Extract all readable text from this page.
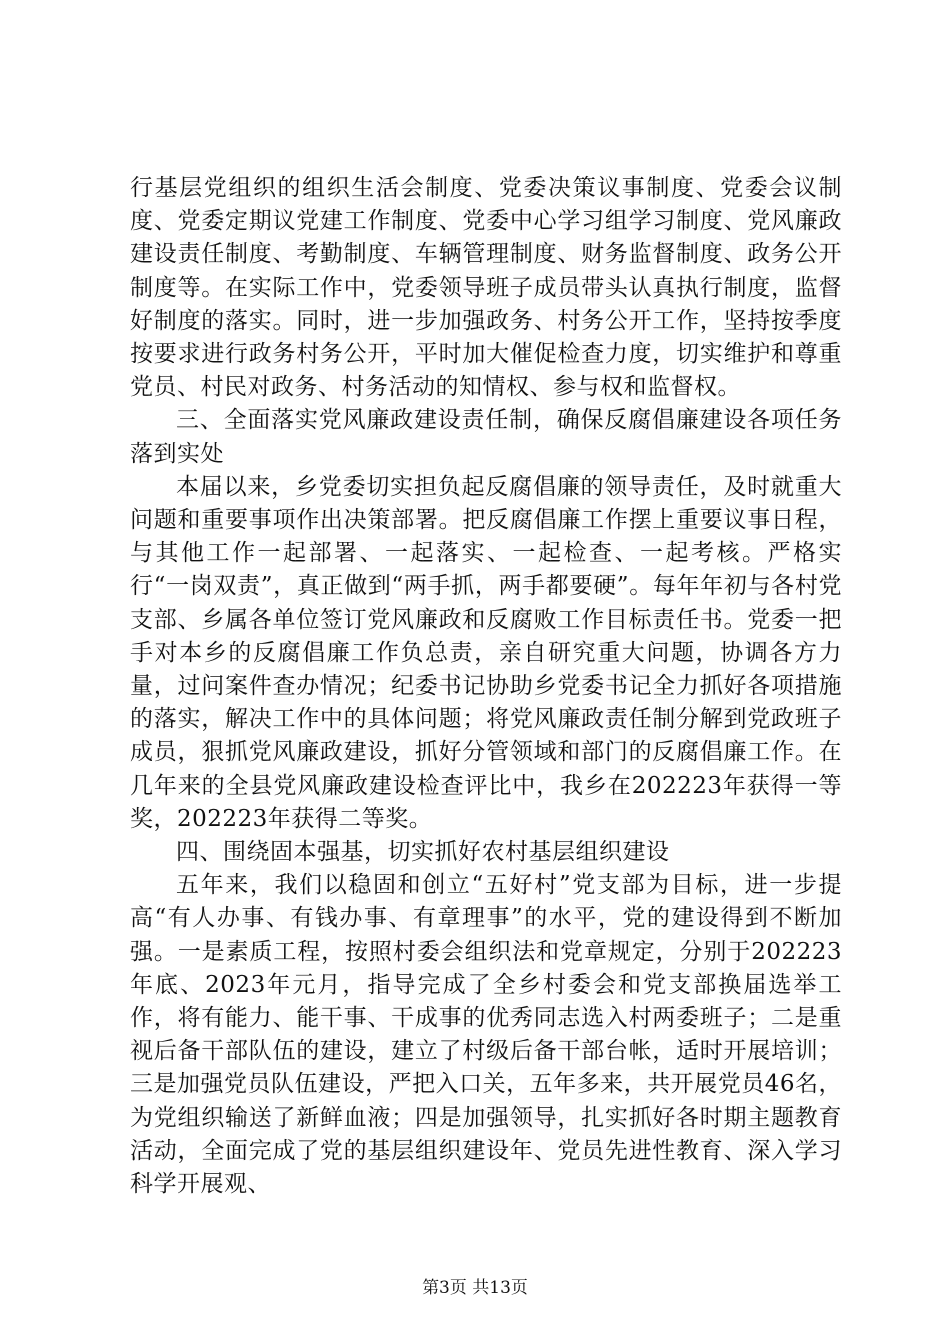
行基层党组织的组织生活会制度、党委决策议事制度、党委会议制度、党委定期议党建工作制度、党委中心学习组学习制度、党风廉政建设责任制度、考勤制度、车辆管理制度、财务监督制度、政务公开制度等。在实际工作中，党委领导班子成员带头认真执行制度，监督好制度的落实。同时，进一步加强政务、村务公开工作，坚持按季度按要求进行政务村务公开，平时加大催促检查力度，切实维护和尊重党员、村民对政务、村务活动的知情权、参与权和监督权。

三、全面落实党风廉政建设责任制，确保反腐倡廉建设各项任务落到实处

本届以来，乡党委切实担负起反腐倡廉的领导责任，及时就重大问题和重要事项作出决策部署。把反腐倡廉工作摆上重要议事日程，与其他工作一起部署、一起落实、一起检查、一起考核。严格实行“一岗双责”，真正做到“两手抓，两手都要硬”。每年年初与各村党支部、乡属各单位签订党风廉政和反腐败工作目标责任书。党委一把手对本乡的反腐倡廉工作负总责，亲自研究重大问题，协调各方力量，过问案件查办情况；纪委书记协助乡党委书记全力抓好各项措施的落实，解决工作中的具体问题；将党风廉政责任制分解到党政班子成员，狠抓党风廉政建设，抓好分管领域和部门的反腐倡廉工作。在几年来的全县党风廉政建设检查评比中，我乡在202223年获得一等奖，202223年获得二等奖。

四、围绕固本强基，切实抓好农村基层组织建设

五年来，我们以稳固和创立“五好村”党支部为目标，进一步提高“有人办事、有钱办事、有章理事”的水平，党的建设得到不断加强。一是素质工程，按照村委会组织法和党章规定，分别于202223年底、2023年元月，指导完成了全乡村委会和党支部换届选举工作，将有能力、能干事、干成事的优秀同志选入村两委班子；二是重视后备干部队伍的建设，建立了村级后备干部台帐，适时开展培训；三是加强党员队伍建设，严把入口关，五年多来，共开展党员46名，为党组织输送了新鲜血液；四是加强领导，扎实抓好各时期主题教育活动，全面完成了党的基层组织建设年、党员先进性教育、深入学习科学开展观、

第3页 共13页
